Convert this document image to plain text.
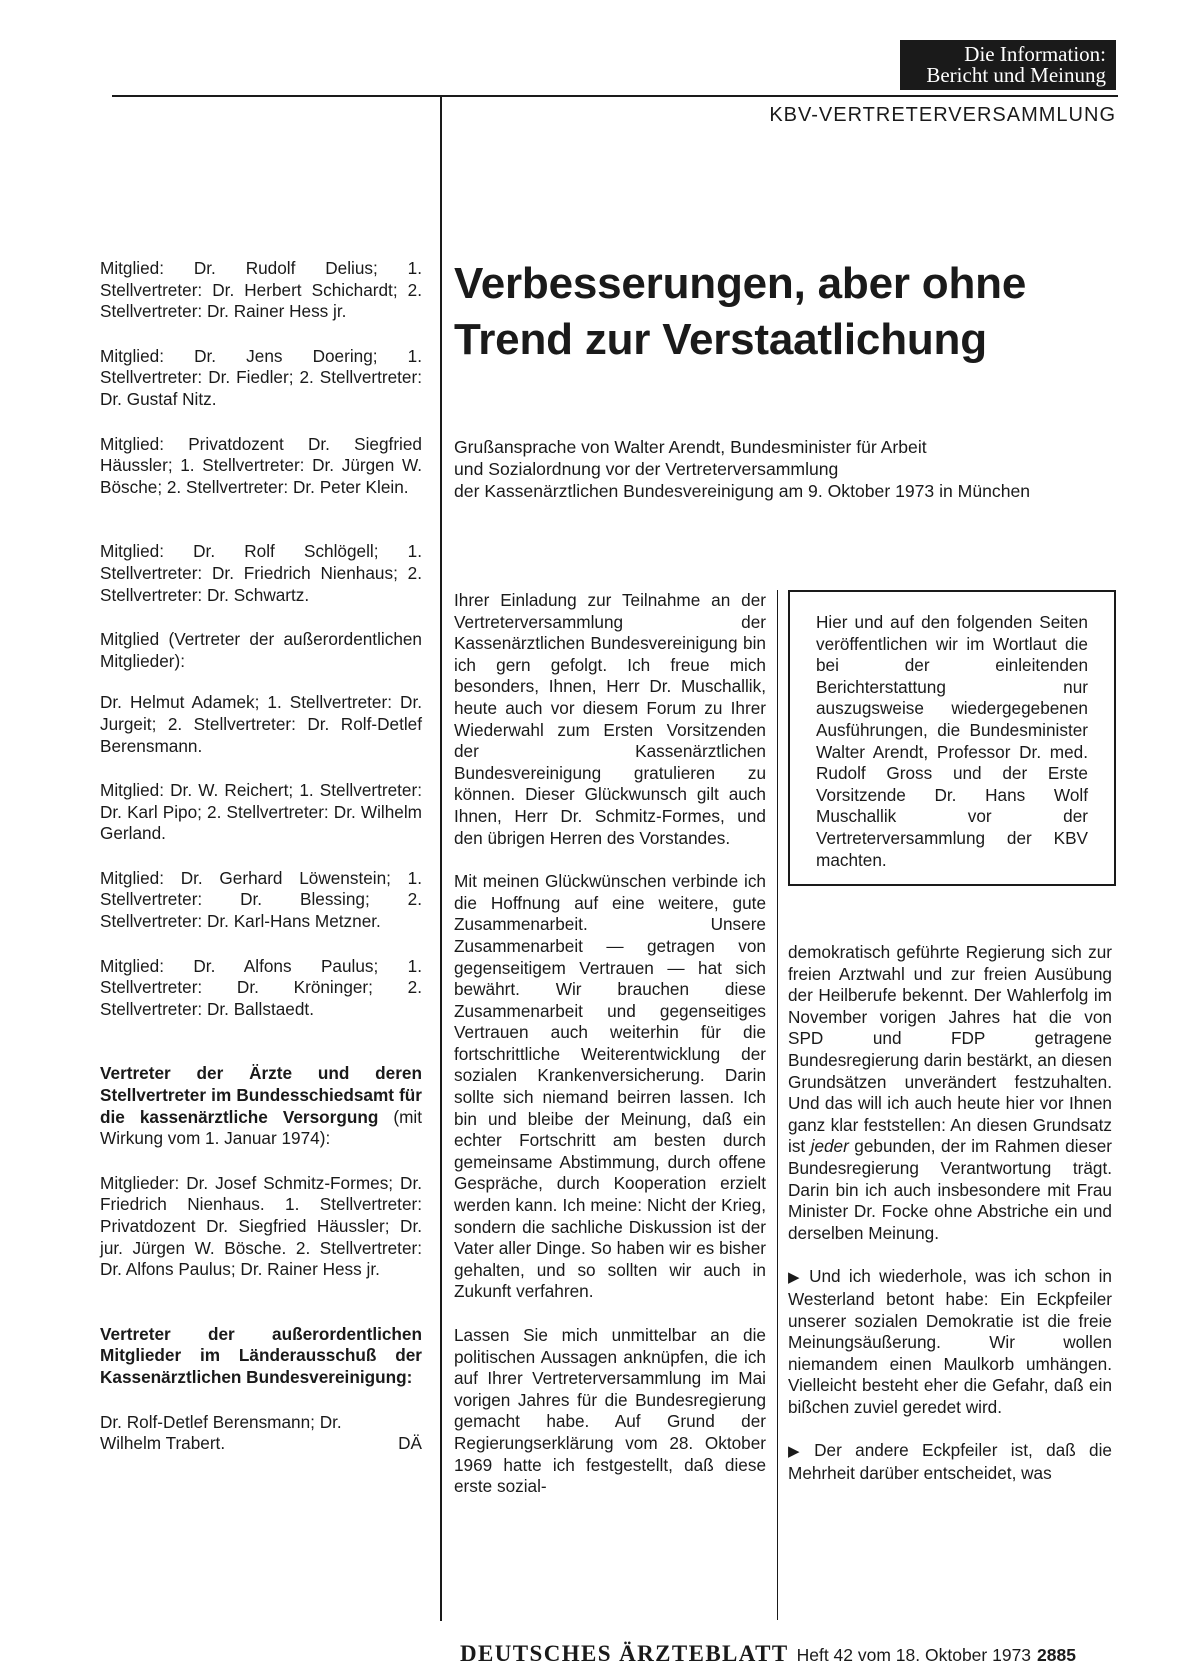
Die Information:
Bericht und Meinung
KBV-VERTRETERVERSAMMLUNG

Mitglied: Dr. Rudolf Delius; 1. Stellvertreter: Dr. Herbert Schichardt; 2. Stellvertreter: Dr. Rainer Hess jr.

Mitglied: Dr. Jens Doering; 1. Stellvertreter: Dr. Fiedler; 2. Stellvertreter: Dr. Gustaf Nitz.

Mitglied: Privatdozent Dr. Siegfried Häussler; 1. Stellvertreter: Dr. Jürgen W. Bösche; 2. Stellvertreter: Dr. Peter Klein.

Mitglied: Dr. Rolf Schlögell; 1. Stellvertreter: Dr. Friedrich Nienhaus; 2. Stellvertreter: Dr. Schwartz.

Mitglied (Vertreter der außerordentlichen Mitglieder):

Dr. Helmut Adamek; 1. Stellvertreter: Dr. Jurgeit; 2. Stellvertreter: Dr. Rolf-Detlef Berensmann.

Mitglied: Dr. W. Reichert; 1. Stellvertreter: Dr. Karl Pipo; 2. Stellvertreter: Dr. Wilhelm Gerland.

Mitglied: Dr. Gerhard Löwenstein; 1. Stellvertreter: Dr. Blessing; 2. Stellvertreter: Dr. Karl-Hans Metzner.

Mitglied: Dr. Alfons Paulus; 1. Stellvertreter: Dr. Kröninger; 2. Stellvertreter: Dr. Ballstaedt.

Vertreter der Ärzte und deren Stellvertreter im Bundesschiedsamt für die kassenärztliche Versorgung (mit Wirkung vom 1. Januar 1974):

Mitglieder: Dr. Josef Schmitz-Formes; Dr. Friedrich Nienhaus. 1. Stellvertreter: Privatdozent Dr. Siegfried Häussler; Dr. jur. Jürgen W. Bösche. 2. Stellvertreter: Dr. Alfons Paulus; Dr. Rainer Hess jr.

Vertreter der außerordentlichen Mitglieder im Länderausschuß der Kassenärztlichen Bundesvereinigung:

Dr. Rolf-Detlef Berensmann; Dr.

Wilhelm Trabert.	DÄ
Verbesserungen, aber ohne
Trend zur Verstaatlichung
Grußansprache von Walter Arendt, Bundesminister für Arbeit
und Sozialordnung vor der Vertreterversammlung
der Kassenärztlichen Bundesvereinigung am 9. Oktober 1973 in München

Ihrer Einladung zur Teilnahme an der Vertreterversammlung der Kassenärztlichen Bundesvereinigung bin ich gern gefolgt. Ich freue mich besonders, Ihnen, Herr Dr. Muschallik, heute auch vor diesem Forum zu Ihrer Wiederwahl zum Ersten Vorsitzenden der Kassenärztlichen Bundesvereinigung gratulieren zu können. Dieser Glückwunsch gilt auch Ihnen, Herr Dr. Schmitz-Formes, und den übrigen Herren des Vorstandes.

Mit meinen Glückwünschen verbinde ich die Hoffnung auf eine weitere, gute Zusammenarbeit. Unsere Zusammenarbeit — getragen von gegenseitigem Vertrauen — hat sich bewährt. Wir brauchen diese Zusammenarbeit und gegenseitiges Vertrauen auch weiterhin für die fortschrittliche Weiterentwicklung der sozialen Krankenversicherung. Darin sollte sich niemand beirren lassen. Ich bin und bleibe der Meinung, daß ein echter Fortschritt am besten durch gemeinsame Abstimmung, durch offene Gespräche, durch Kooperation erzielt werden kann. Ich meine: Nicht der Krieg, sondern die sachliche Diskussion ist der Vater aller Dinge. So haben wir es bisher gehalten, und so sollten wir auch in Zukunft verfahren.

Lassen Sie mich unmittelbar an die politischen Aussagen anknüpfen, die ich auf Ihrer Vertreterversammlung im Mai vorigen Jahres für die Bundesregierung gemacht habe. Auf Grund der Regierungserklärung vom 28. Oktober 1969 hatte ich festgestellt, daß diese erste sozial-

Hier und auf den folgenden Seiten veröffentlichen wir im Wortlaut die bei der einleitenden Berichterstattung nur auszugsweise wiedergegebenen Ausführungen, die Bundesminister Walter Arendt, Professor Dr. med. Rudolf Gross und der Erste Vorsitzende Dr. Hans Wolf Muschallik vor der Vertreterversammlung der KBV machten.

demokratisch geführte Regierung sich zur freien Arztwahl und zur freien Ausübung der Heilberufe bekennt. Der Wahlerfolg im November vorigen Jahres hat die von SPD und FDP getragene Bundesregierung darin bestärkt, an diesen Grundsätzen unverändert festzuhalten. Und das will ich auch heute hier vor Ihnen ganz klar feststellen: An diesen Grundsatz ist jeder gebunden, der im Rahmen dieser Bundesregierung Verantwortung trägt. Darin bin ich auch insbesondere mit Frau Minister Dr. Focke ohne Abstriche ein und derselben Meinung.

▶ Und ich wiederhole, was ich schon in Westerland betont habe: Ein Eckpfeiler unserer sozialen Demokratie ist die freie Meinungsäußerung. Wir wollen niemandem einen Maulkorb umhängen. Vielleicht besteht eher die Gefahr, daß ein bißchen zuviel geredet wird.

▶ Der andere Eckpfeiler ist, daß die Mehrheit darüber entscheidet, was

DEUTSCHES ÄRZTEBLATT Heft 42 vom 18. Oktober 1973 2885
